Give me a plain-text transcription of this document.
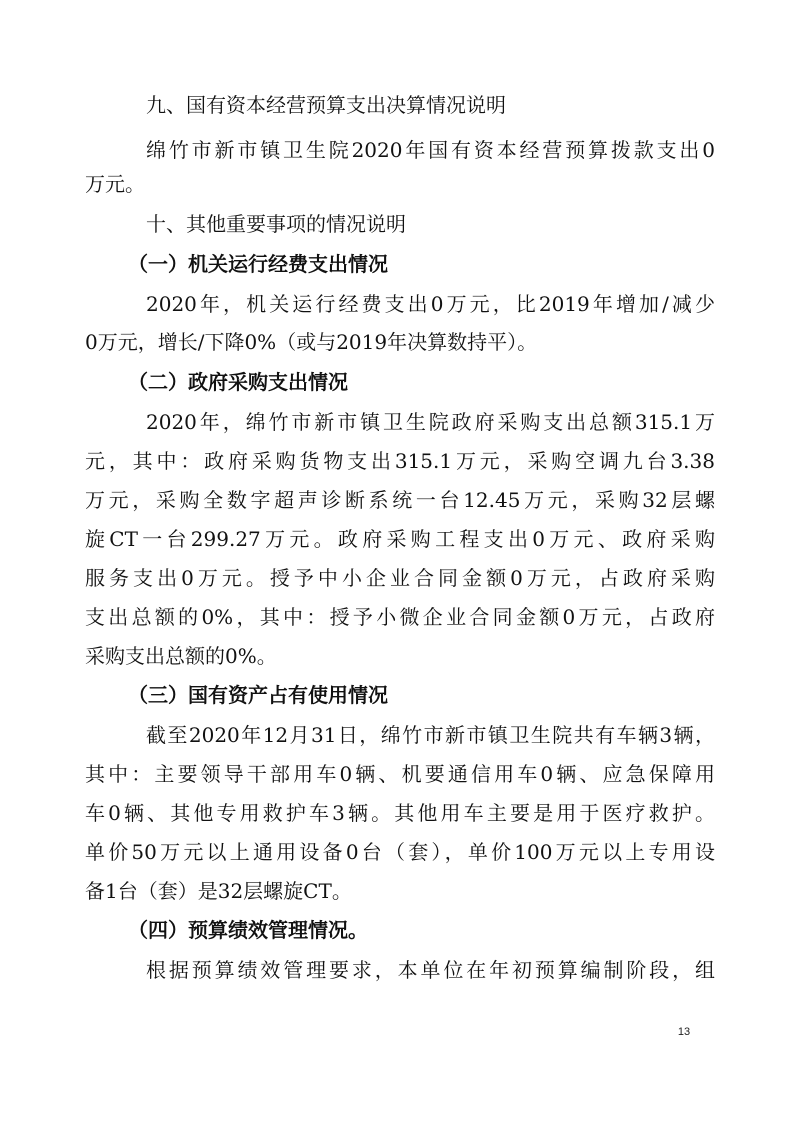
九、国有资本经营预算支出决算情况说明
绵竹市新市镇卫生院2020年国有资本经营预算拨款支出0
万元。
十、其他重要事项的情况说明
（一）机关运行经费支出情况
2020年，机关运行经费支出0万元，比2019年增加/减少
0万元，增长/下降0%（或与2019年决算数持平）。
（二）政府采购支出情况
2020年，绵竹市新市镇卫生院政府采购支出总额315.1万
元，其中：政府采购货物支出315.1万元，采购空调九台3.38
万元，采购全数字超声诊断系统一台12.45万元，采购32层螺
旋CT一台299.27万元。政府采购工程支出0万元、政府采购
服务支出0万元。授予中小企业合同金额0万元，占政府采购
支出总额的0%，其中：授予小微企业合同金额0万元，占政府
采购支出总额的0%。
（三）国有资产占有使用情况
截至2020年12月31日，绵竹市新市镇卫生院共有车辆3辆，
其中：主要领导干部用车0辆、机要通信用车0辆、应急保障用
车0辆、其他专用救护车3辆。其他用车主要是用于医疗救护。
单价50万元以上通用设备0台（套），单价100万元以上专用设
备1台（套）是32层螺旋CT。
（四）预算绩效管理情况。
根据预算绩效管理要求，本单位在年初预算编制阶段，组
13
